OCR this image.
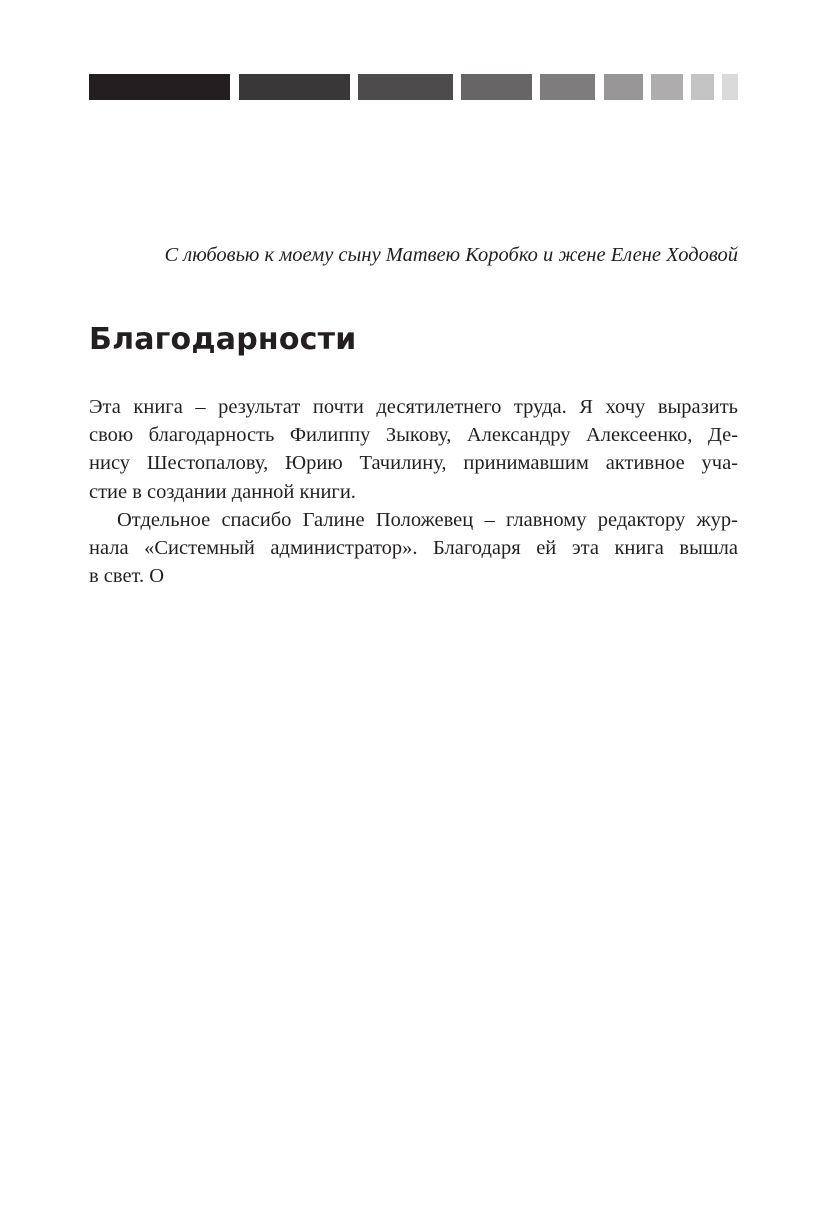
С любовью к моему сыну Матвею Коробко и жене Елене Ходовой
Благодарности
Эта книга – результат почти десятилетнего труда. Я хочу выразить
свою благодарность Филиппу Зыкову, Александру Алексеенко, Де-
нису Шестопалову, Юрию Тачилину, принимавшим активное уча-
стие в создании данной книги.
Отдельное спасибо Галине Положевец – главному редактору жур-
нала «Системный администратор». Благодаря ей эта книга вышла
в свет. О
